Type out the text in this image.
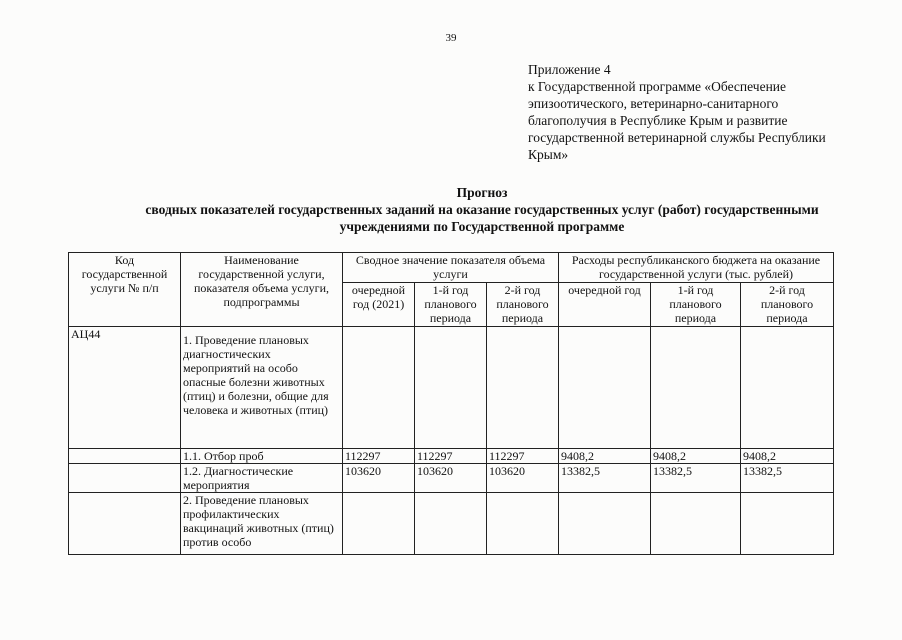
39
Приложение 4
к Государственной программе «Обеспечение
эпизоотического, ветеринарно-санитарного
благополучия в Республике Крым и развитие
государственной ветеринарной службы Республики
Крым»
Прогноз
сводных показателей государственных заданий на оказание государственных услуг (работ) государственными
учреждениями по Государственной программе
Код государственной услуги № п/п	Наименование государственной услуги, показателя объема услуги, подпрограммы	Сводное значение показателя объема услуги			Расходы республиканского бюджета на оказание государственной услуги (тыс. рублей)		
		очередной год (2021)	1-й год планового периода	2-й год планового периода	очередной год	1-й год планового периода	2-й год планового периода
АЦ44	1. Проведение плановых диагностических мероприятий на особо опасные болезни животных (птиц) и болезни, общие для человека и животных (птиц)						
	1.1. Отбор проб	112297	112297	112297	9408,2	9408,2	9408,2
	1.2. Диагностические мероприятия	103620	103620	103620	13382,5	13382,5	13382,5
	2. Проведение плановых профилактических вакцинаций животных (птиц) против особо						
